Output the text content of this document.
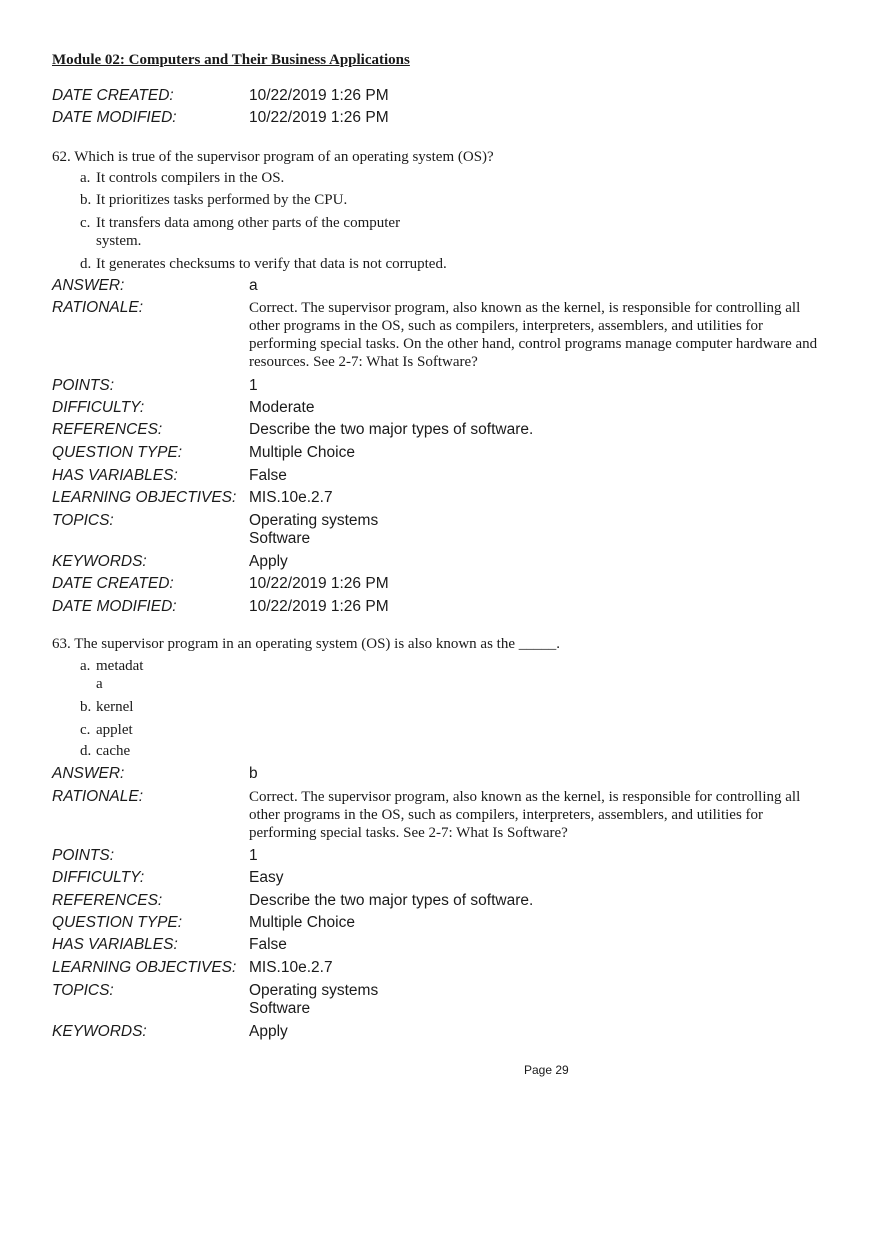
Module 02: Computers and Their Business Applications
DATE CREATED:	10/22/2019 1:26 PM
DATE MODIFIED:	10/22/2019 1:26 PM
62. Which is true of the supervisor program of an operating system (OS)?
a. It controls compilers in the OS.
b. It prioritizes tasks performed by the CPU.
c. It transfers data among other parts of the computer
system.
d. It generates checksums to verify that data is not corrupted.
ANSWER:	a
RATIONALE:	Correct. The supervisor program, also known as the kernel, is responsible for controlling all other programs in the OS, such as compilers, interpreters, assemblers, and utilities for performing special tasks. On the other hand, control programs manage computer hardware and resources. See 2-7: What Is Software?
POINTS:	1
DIFFICULTY:	Moderate
REFERENCES:	Describe the two major types of software.
QUESTION TYPE:	Multiple Choice
HAS VARIABLES:	False
LEARNING OBJECTIVES: MIS.10e.2.7
TOPICS:	Operating systems
Software
KEYWORDS:	Apply
DATE CREATED:	10/22/2019 1:26 PM
DATE MODIFIED:	10/22/2019 1:26 PM
63. The supervisor program in an operating system (OS) is also known as the _____.
a. metadat
a
b. kernel
c. applet
d. cache
ANSWER:	b
RATIONALE:	Correct. The supervisor program, also known as the kernel, is responsible for controlling all other programs in the OS, such as compilers, interpreters, assemblers, and utilities for performing special tasks. See 2-7: What Is Software?
POINTS:	1
DIFFICULTY:	Easy
REFERENCES:	Describe the two major types of software.
QUESTION TYPE:	Multiple Choice
HAS VARIABLES:	False
LEARNING OBJECTIVES: MIS.10e.2.7
TOPICS:	Operating systems
Software
KEYWORDS:	Apply
Page 29
